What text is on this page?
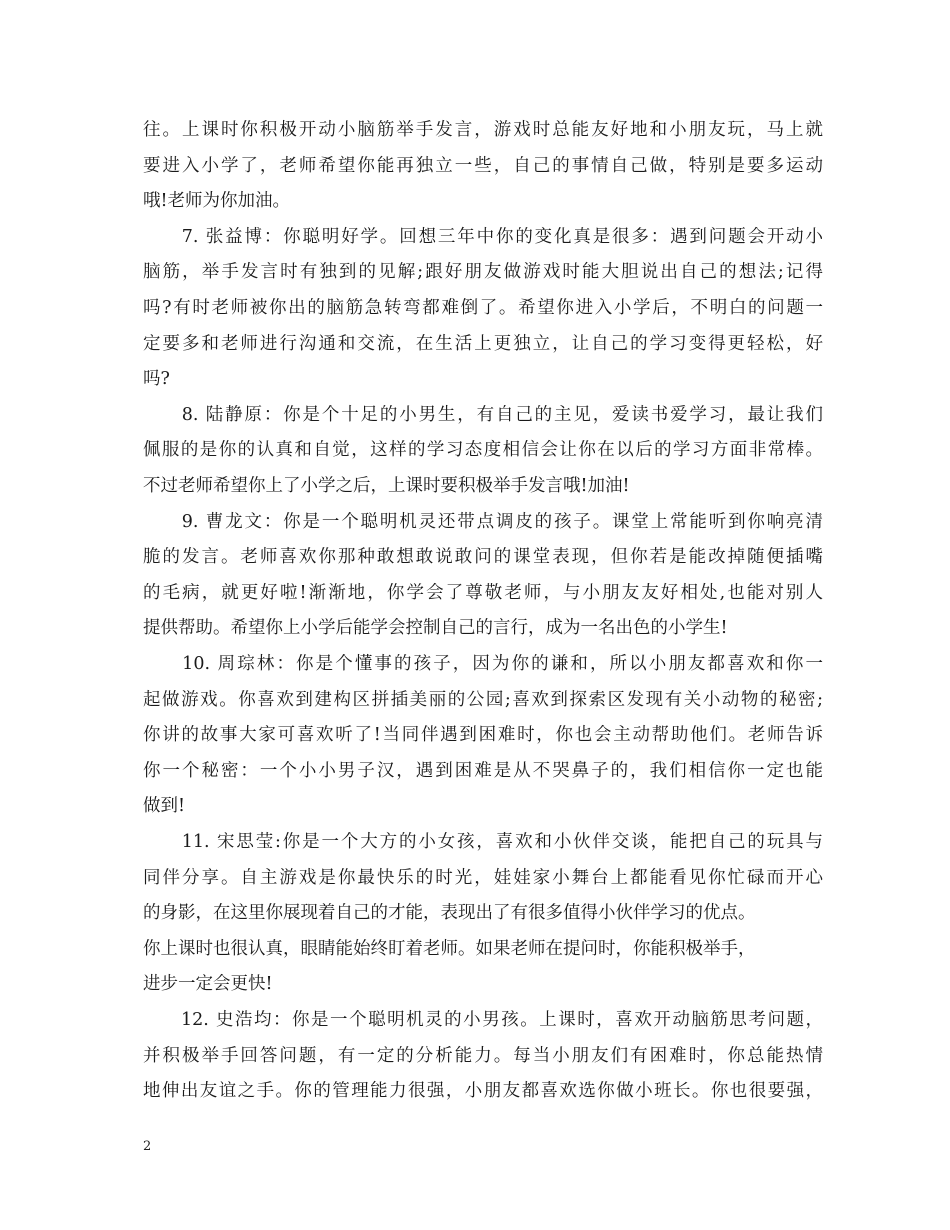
往。上课时你积极开动小脑筋举手发言，游戏时总能友好地和小朋友玩，马上就
要进入小学了，老师希望你能再独立一些，自己的事情自己做，特别是要多运动
哦!老师为你加油。
　　7. 张益博：你聪明好学。回想三年中你的变化真是很多：遇到问题会开动小
脑筋，举手发言时有独到的见解;跟好朋友做游戏时能大胆说出自己的想法;记得
吗?有时老师被你出的脑筋急转弯都难倒了。希望你进入小学后，不明白的问题一
定要多和老师进行沟通和交流，在生活上更独立，让自己的学习变得更轻松，好
吗?
　　8. 陆静原：你是个十足的小男生，有自己的主见，爱读书爱学习，最让我们
佩服的是你的认真和自觉，这样的学习态度相信会让你在以后的学习方面非常棒。
不过老师希望你上了小学之后，上课时要积极举手发言哦!加油!
　　9. 曹龙文：你是一个聪明机灵还带点调皮的孩子。课堂上常能听到你响亮清
脆的发言。老师喜欢你那种敢想敢说敢问的课堂表现，但你若是能改掉随便插嘴
的毛病，就更好啦!渐渐地，你学会了尊敬老师，与小朋友友好相处,也能对别人
提供帮助。希望你上小学后能学会控制自己的言行，成为一名出色的小学生!
　　10. 周琮林：你是个懂事的孩子，因为你的谦和，所以小朋友都喜欢和你一
起做游戏。你喜欢到建构区拼插美丽的公园;喜欢到探索区发现有关小动物的秘密;
你讲的故事大家可喜欢听了!当同伴遇到困难时，你也会主动帮助他们。老师告诉
你一个秘密：一个小小男子汉，遇到困难是从不哭鼻子的，我们相信你一定也能
做到!
　　11. 宋思莹:你是一个大方的小女孩，喜欢和小伙伴交谈，能把自己的玩具与
同伴分享。自主游戏是你最快乐的时光，娃娃家小舞台上都能看见你忙碌而开心
的身影，在这里你展现着自己的才能，表现出了有很多值得小伙伴学习的优点。
你上课时也很认真，眼睛能始终盯着老师。如果老师在提问时，你能积极举手，
进步一定会更快!
　　12. 史浩均：你是一个聪明机灵的小男孩。上课时，喜欢开动脑筋思考问题，
并积极举手回答问题，有一定的分析能力。每当小朋友们有困难时，你总能热情
地伸出友谊之手。你的管理能力很强，小朋友都喜欢选你做小班长。你也很要强，
2
